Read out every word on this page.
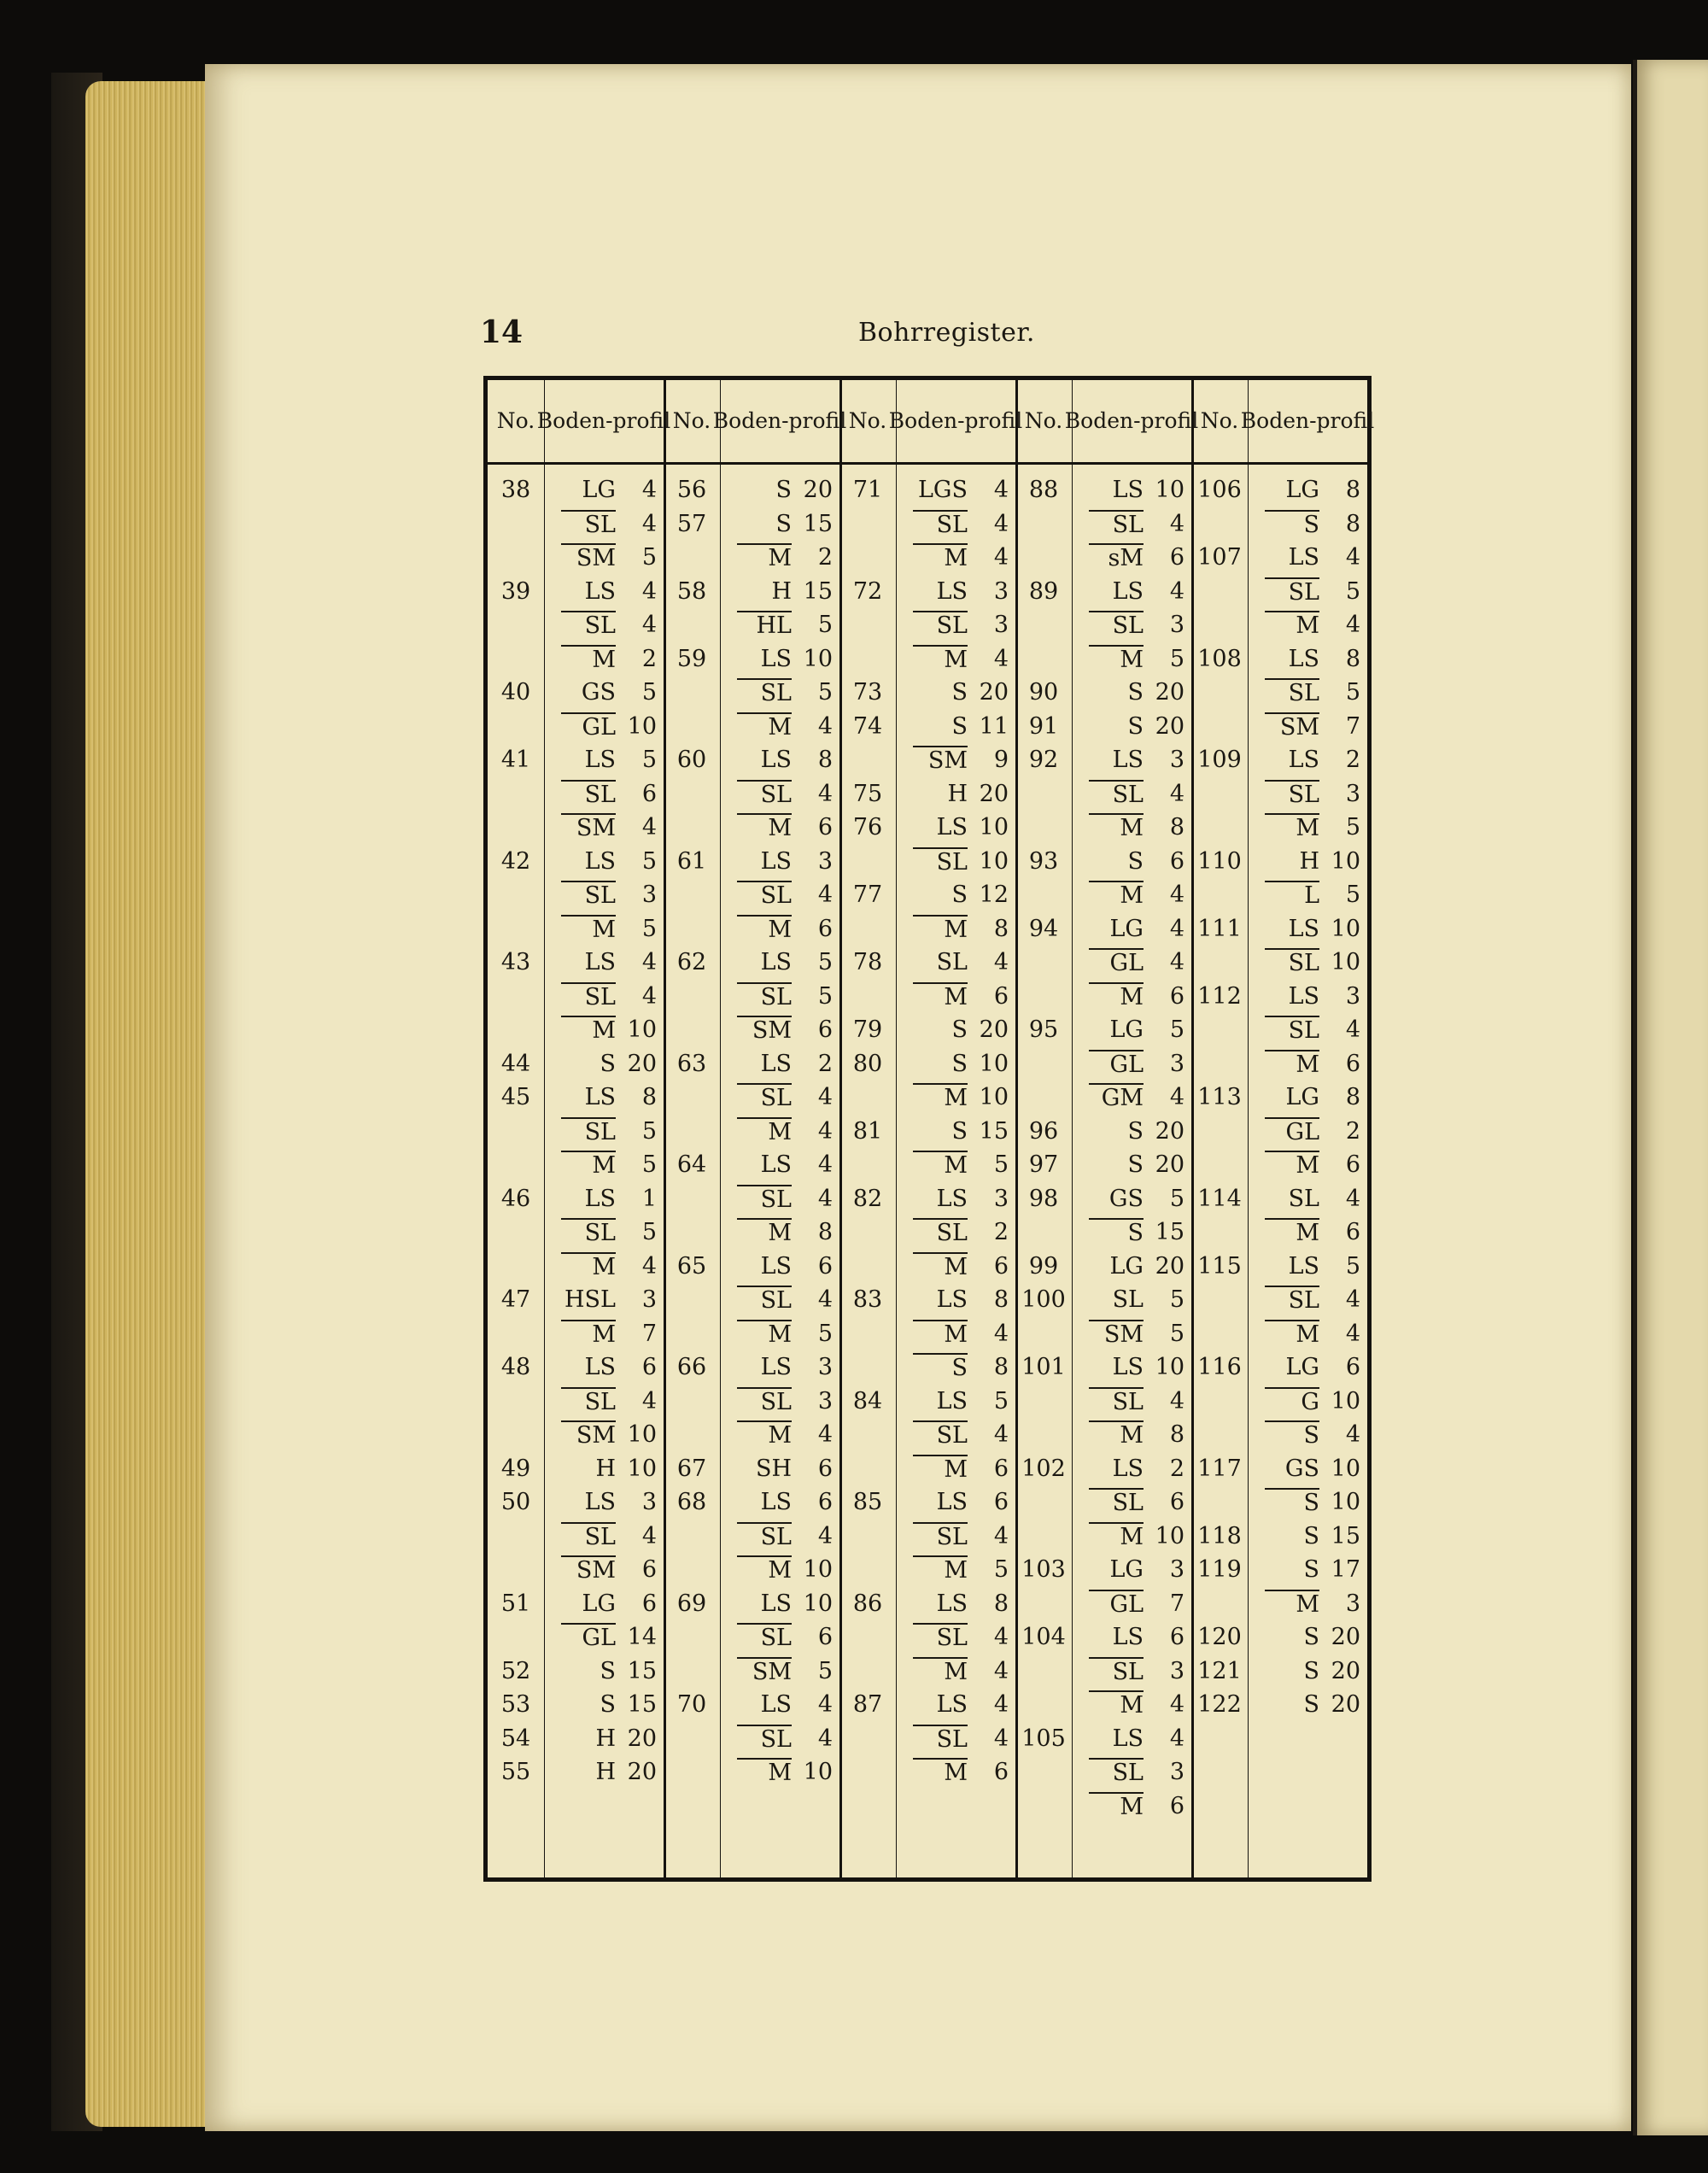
14	Bohrregister.
No. Boden- profil
38	LG	4
SL	4
SM	5
39	LS	4
SL	4
M	2
40	GS	5
GL 10
41	LS	5
SL	6
SM	4
42	LS	5
SL	3
M	5
43	LS	4
SL	4
M 10
44	S 20
45	LS	8
SL	5
M	5
46	LS	1
SL	5
M	4
47	HSL	3
M	7
48	LS	6
SL	4
SM 10
49	H 10
50	LS	3
SL	4
SM	6
51	LG	6
GL 14
52	S 15
53	S 15
54	H 20
55	H 20
No. Boden- profil
56	S 20
57	S 15
M	2
58	H 15
HL	5
59	LS 10
SL	5
M	4
60	LS	8
SL	4
M	6
61	LS	3
SL	4
M	6
62	LS	5
SL	5
SM	6
63	LS	2
SL	4
M	4
64	LS	4
SL	4
M	8
65	LS	6
SL	4
M	5
66	LS	3
SL	3
M	4
67	SH	6
68	LS	6
SL	4
M 10
69	LS 10
SL	6
SM	5
70	LS	4
SL	4
M 10
No. Boden- profil
71	LGS	4
SL	4
M	4
72	LS	3
SL	3
M	4
73	S 20
74	S 11
SM	9
75	H 20
76	LS 10
SL 10
77	S 12
M	8
78	SL	4
M	6
79	S 20
80	S 10
M 10
81	S 15
M	5
82	LS	3
SL	2
M	6
83	LS	8
M	4
S	8
84	LS	5
SL	4
M	6
85	LS	6
SL	4
M	5
86	LS	8
SL	4
M	4
87	LS	4
SL	4
M	6
No. Boden- profil
88	LS 10
SL	4
sM	6
89	LS	4
SL	3
M	5
90	S 20
91	S 20
92	LS	3
SL	4
M	8
93	S	6
M	4
94	LG	4
GL	4
M	6
95	LG	5
GL	3
GM	4
96	S 20
97	S 20
98	GS	5
S 15
99	LG 20
100	SL	5
SM	5
101	LS 10
SL	4
M	8
102	LS	2
SL	6
M 10
103	LG	3
GL	7
104	LS	6
SL	3
M	4
105	LS	4
SL	3
M	6
No. Boden- profil
106	LG	8
S	8
107	LS	4
SL	5
M	4
108	LS	8
SL	5
SM	7
109	LS	2
SL	3
M	5
110	H 10
L	5
111	LS 10
SL 10
112	LS	3
SL	4
M	6
113	LG	8
GL	2
M	6
114	SL	4
M	6
115	LS	5
SL	4
M	4
116	LG	6
G 10
S	4
117	GS 10
S 10
118	S 15
119	S 17
M	3
120	S 20
121	S 20
122	S 20
